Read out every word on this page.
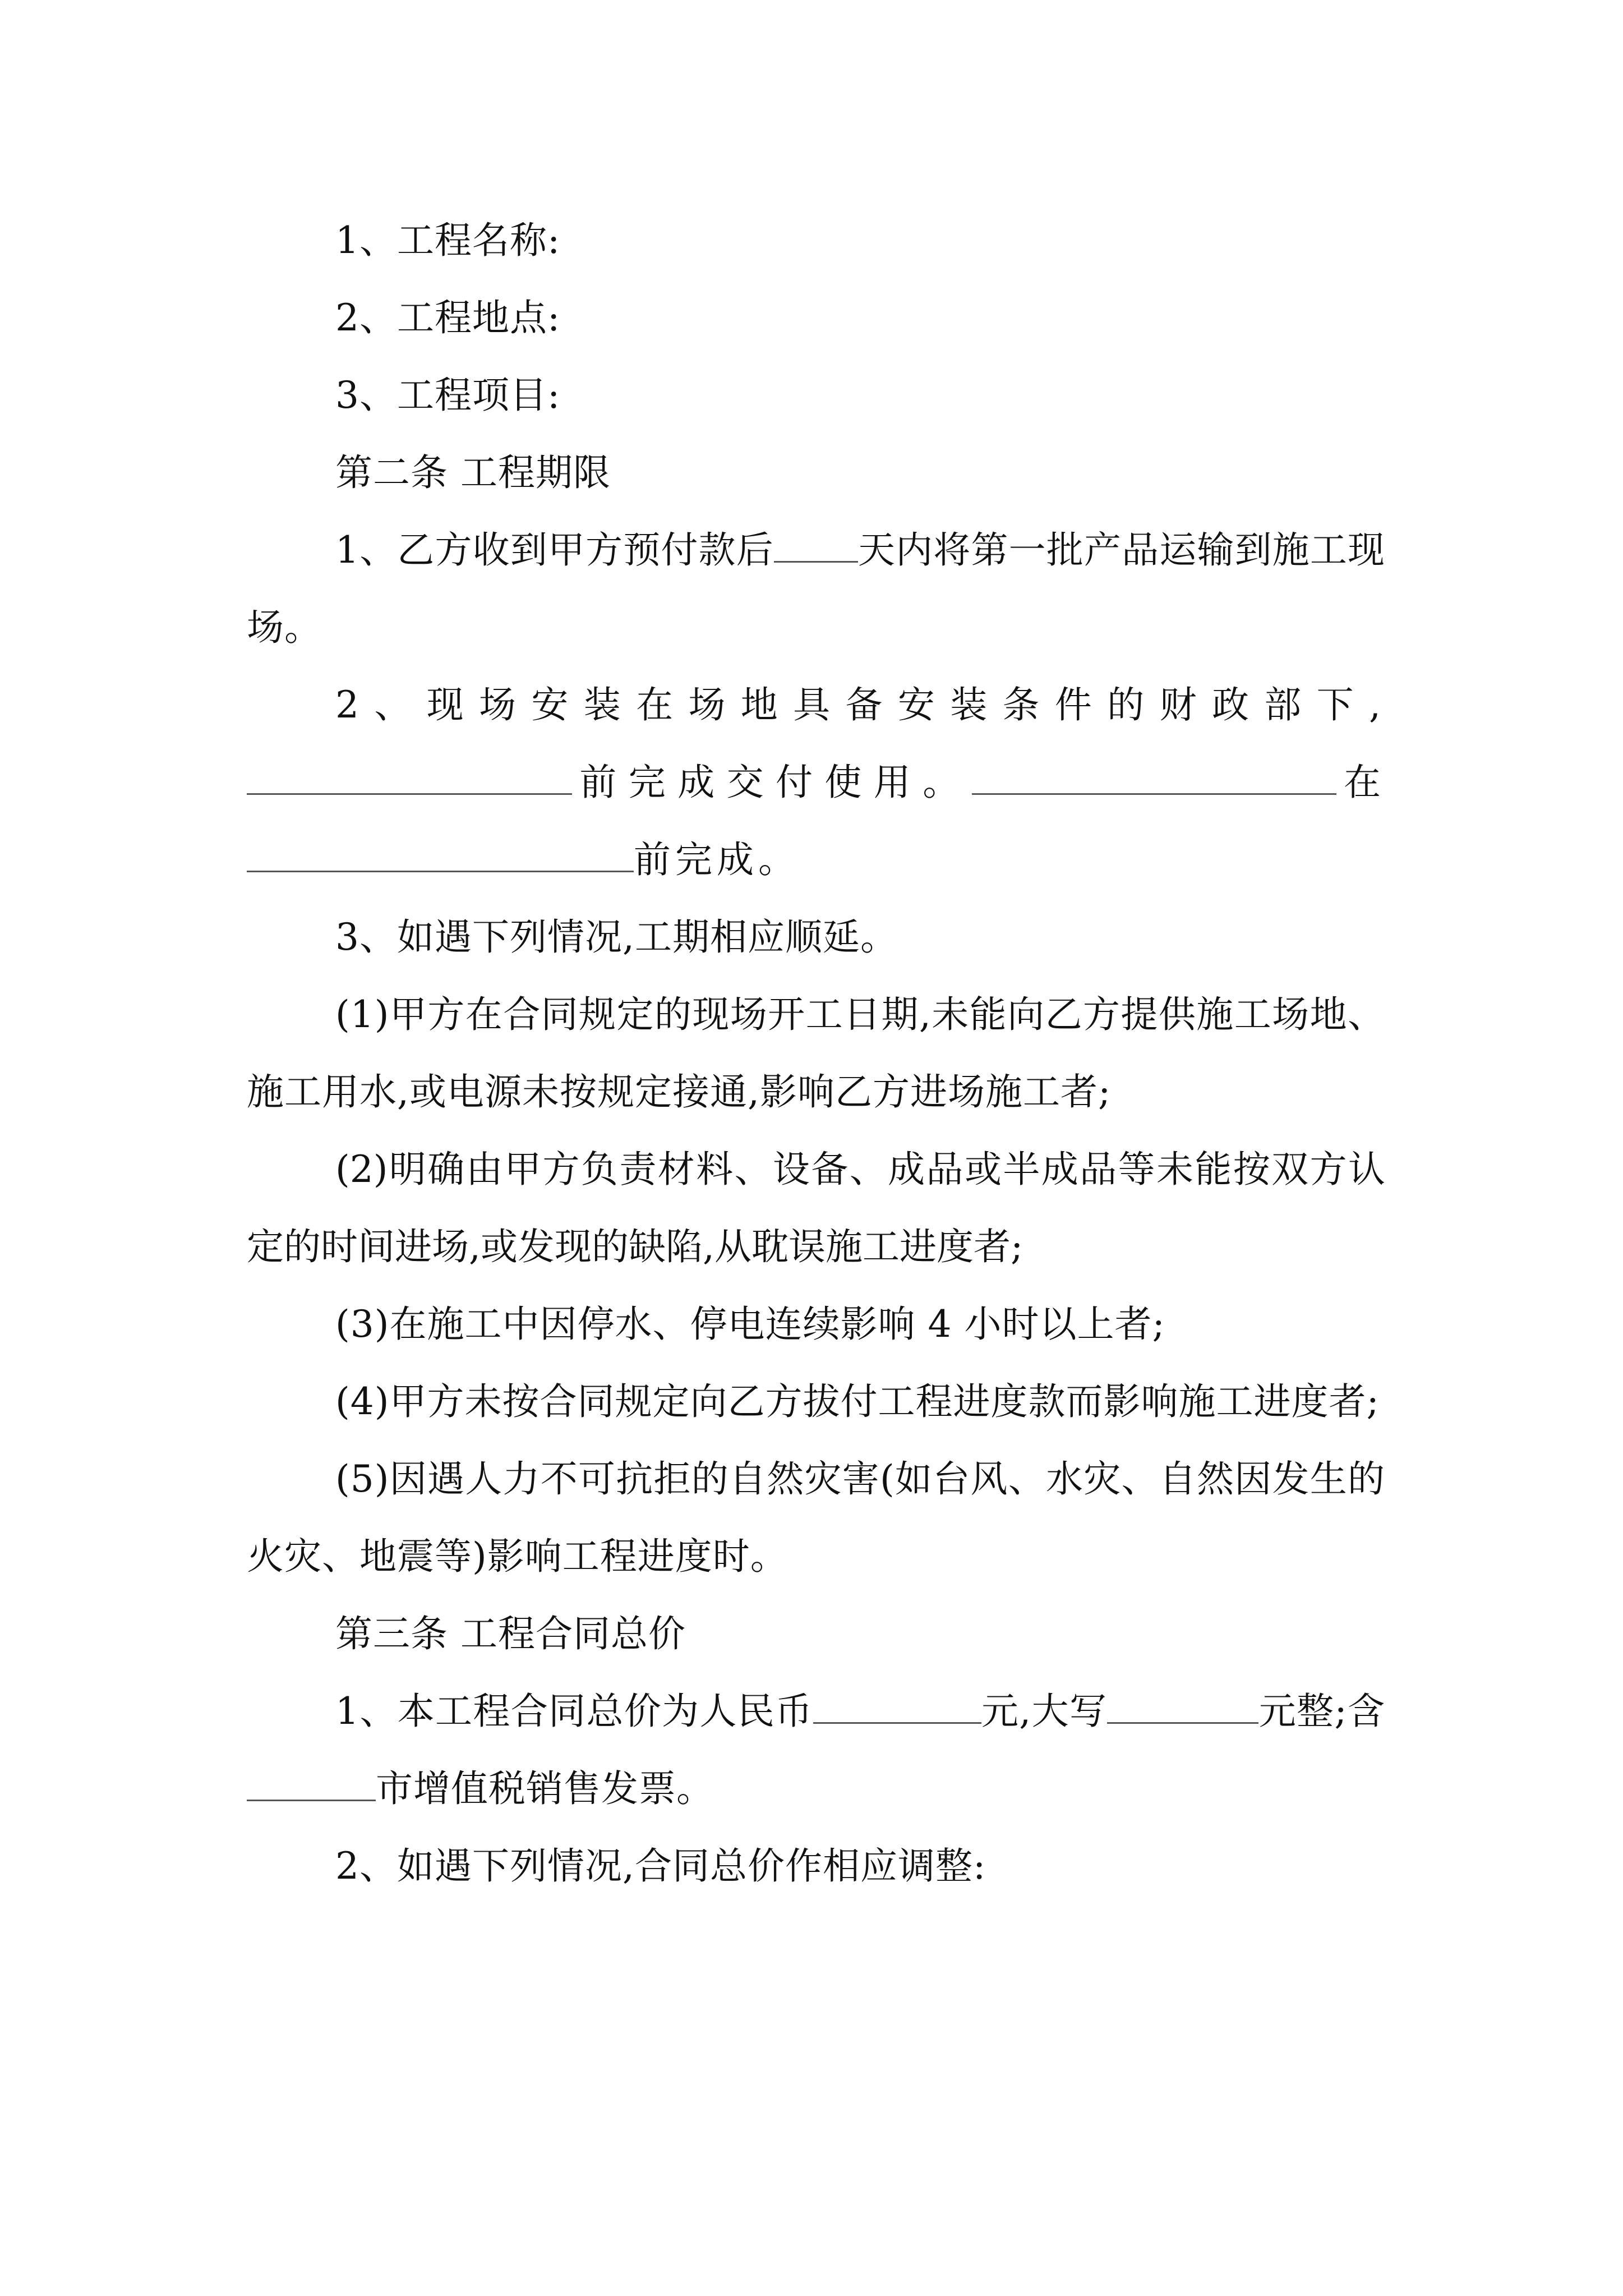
1、工程名称:

2、工程地点:

3、工程项目:

第二条 工程期限

1、乙方收到甲方预付款后 天内将第一批产品运输到施工现场。

2、现场安装在场地具备安装条件的财政部下,前完成交付使用。	在前完成。

3、如遇下列情况,工期相应顺延。

(1)甲方在合同规定的现场开工日期,未能向乙方提供施工场地、施工用水,或电源未按规定接通,影响乙方进场施工者;

(2)明确由甲方负责材料、设备、成品或半成品等未能按双方认定的时间进场,或发现的缺陷,从耽误施工进度者;

(3)在施工中因停水、停电连续影响 4 小时以上者;

(4)甲方未按合同规定向乙方拔付工程进度款而影响施工进度者;

(5)因遇人力不可抗拒的自然灾害(如台风、水灾、自然因发生的火灾、地震等)影响工程进度时。

第三条 工程合同总价

1、本工程合同总价为人民币	元,大写	元整;含市增值税销售发票。

2、如遇下列情况,合同总价作相应调整:
